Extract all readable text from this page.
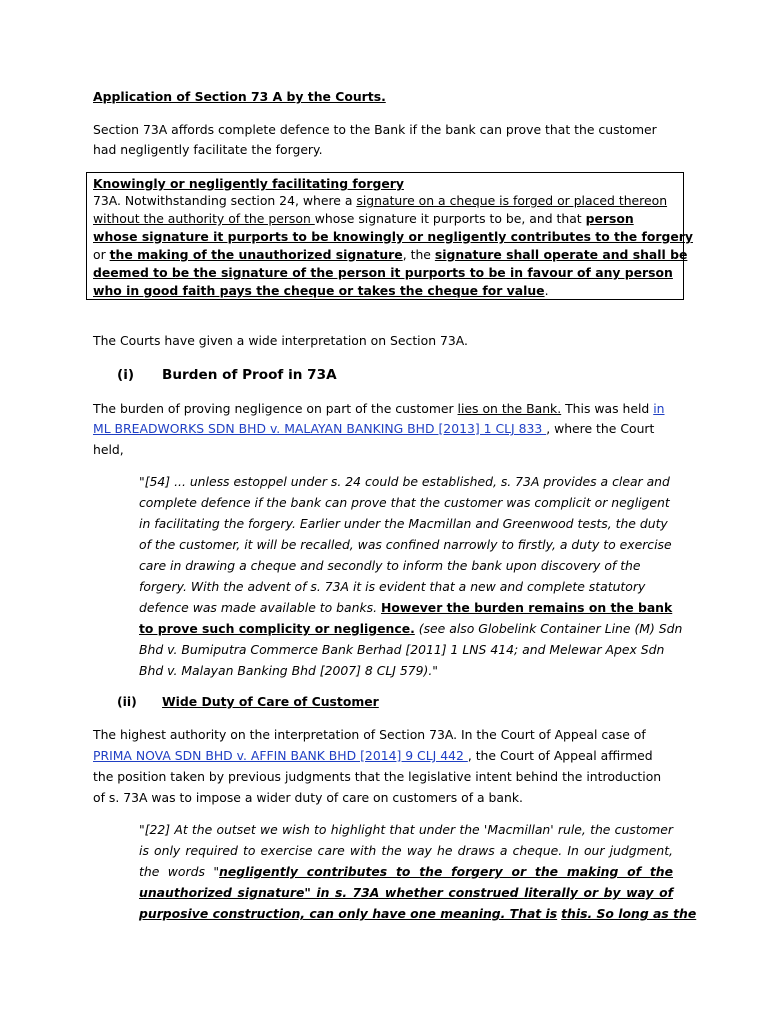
Application of Section 73 A by the Courts.
Section 73A affords complete defence to the Bank if the bank can prove that the customer
had negligently facilitate the forgery.
Knowingly or negligently facilitating forgery
73A. Notwithstanding section 24, where a signature on a cheque is forged or placed thereon
without the authority of the person whose signature it purports to be, and that person
whose signature it purports to be knowingly or negligently contributes to the forgery
or the making of the unauthorized signature, the signature shall operate and shall be
deemed to be the signature of the person it purports to be in favour of any person
who in good faith pays the cheque or takes the cheque for value.
The Courts have given a wide interpretation on Section 73A.
(i) Burden of Proof in 73A
The burden of proving negligence on part of the customer lies on the Bank. This was held in
ML BREADWORKS SDN BHD v. MALAYAN BANKING BHD [2013] 1 CLJ 833 , where the Court
held,
"[54] ... unless estoppel under s. 24 could be established, s. 73A provides a clear and
complete defence if the bank can prove that the customer was complicit or negligent
in facilitating the forgery. Earlier under the Macmillan and Greenwood tests, the duty
of the customer, it will be recalled, was confined narrowly to firstly, a duty to exercise
care in drawing a cheque and secondly to inform the bank upon discovery of the
forgery. With the advent of s. 73A it is evident that a new and complete statutory
defence was made available to banks. However the burden remains on the bank
to prove such complicity or negligence. (see also Globelink Container Line (M) Sdn
Bhd v. Bumiputra Commerce Bank Berhad [2011] 1 LNS 414; and Melewar Apex Sdn
Bhd v. Malayan Banking Bhd [2007] 8 CLJ 579)."
(ii) Wide Duty of Care of Customer
The highest authority on the interpretation of Section 73A. In the Court of Appeal case of
PRIMA NOVA SDN BHD v. AFFIN BANK BHD [2014] 9 CLJ 442 , the Court of Appeal affirmed
the position taken by previous judgments that the legislative intent behind the introduction
of s. 73A was to impose a wider duty of care on customers of a bank.
"[22] At the outset we wish to highlight that under the 'Macmillan' rule, the customer
is only required to exercise care with the way he draws a cheque. In our judgment,
the words "negligently contributes to the forgery or the making of the
unauthorized signature" in s. 73A whether construed literally or by way of
purposive construction, can only have one meaning. That is this. So long as the
